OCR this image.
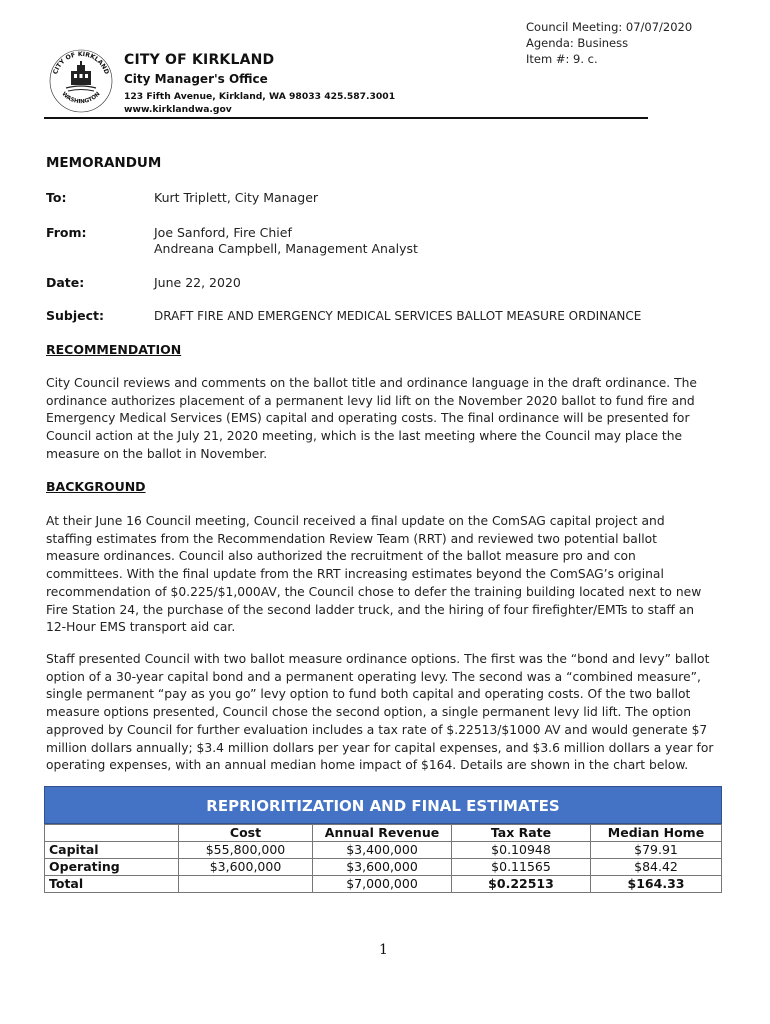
Council Meeting: 07/07/2020
Agenda: Business
Item #: 9. c.
CITY OF KIRKLAND
WASHINGTON
CITY OF KIRKLAND
City Manager's Office
123 Fifth Avenue, Kirkland, WA 98033 425.587.3001
www.kirklandwa.gov
MEMORANDUM
To:	Kurt Triplett, City Manager
From:	Joe Sanford, Fire Chief
Andreana Campbell, Management Analyst
Date:	June 22, 2020
Subject:	DRAFT FIRE AND EMERGENCY MEDICAL SERVICES BALLOT MEASURE ORDINANCE
RECOMMENDATION
City Council reviews and comments on the ballot title and ordinance language in the draft ordinance. The ordinance authorizes placement of a permanent levy lid lift on the November 2020 ballot to fund fire and Emergency Medical Services (EMS) capital and operating costs. The final ordinance will be presented for Council action at the July 21, 2020 meeting, which is the last meeting where the Council may place the measure on the ballot in November.
BACKGROUND
At their June 16 Council meeting, Council received a final update on the ComSAG capital project and staffing estimates from the Recommendation Review Team (RRT) and reviewed two potential ballot measure ordinances. Council also authorized the recruitment of the ballot measure pro and con committees. With the final update from the RRT increasing estimates beyond the ComSAG’s original recommendation of $0.225/$1,000AV, the Council chose to defer the training building located next to new Fire Station 24, the purchase of the second ladder truck, and the hiring of four firefighter/EMTs to staff an 12-Hour EMS transport aid car.
Staff presented Council with two ballot measure ordinance options. The first was the “bond and levy” ballot option of a 30-year capital bond and a permanent operating levy. The second was a “combined measure”, single permanent “pay as you go” levy option to fund both capital and operating costs. Of the two ballot measure options presented, Council chose the second option, a single permanent levy lid lift. The option approved by Council for further evaluation includes a tax rate of $.22513/$1000 AV and would generate $7 million dollars annually; $3.4 million dollars per year for capital expenses, and $3.6 million dollars a year for operating expenses, with an annual median home impact of $164. Details are shown in the chart below.
REPRIORITIZATION AND FINAL ESTIMATES
	Cost	Annual Revenue	Tax Rate	Median Home
Capital	$55,800,000	$3,400,000	$0.10948	$79.91
Operating	$3,600,000	$3,600,000	$0.11565	$84.42
Total		$7,000,000	$0.22513	$164.33
1
